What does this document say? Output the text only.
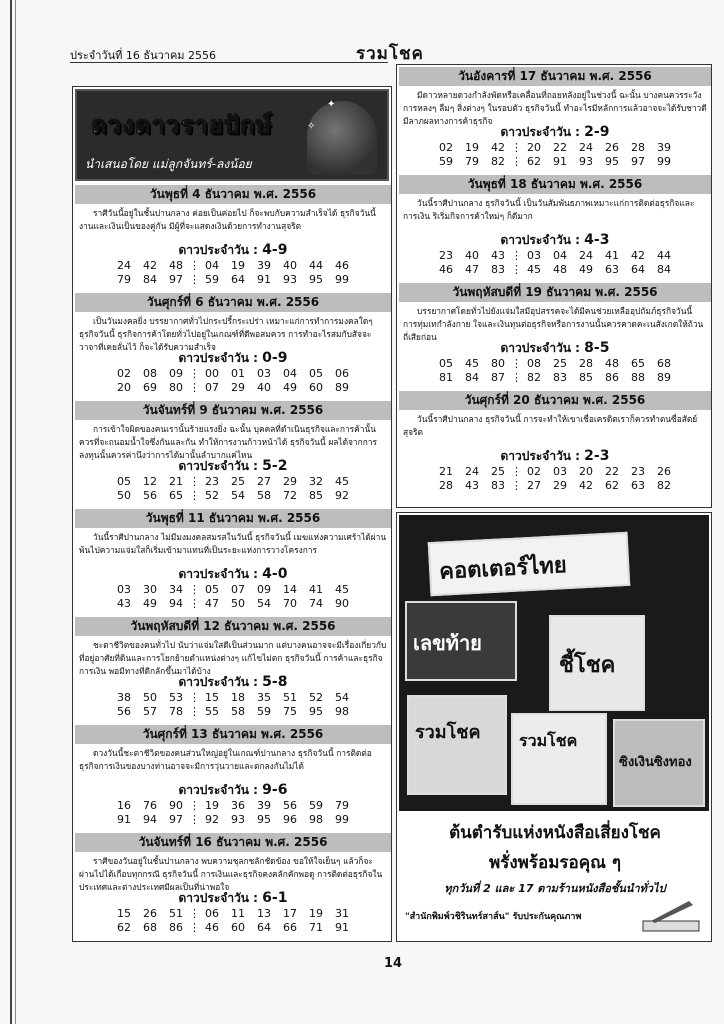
ประจำวันที่ 16 ธันวาคม 2556	รวมโชค
✦
✧
ดวงดาวรายปักษ์
นำเสนอโดย แม่ลูกจันทร์-ลงน้อย
วันพุธที่ 4 ธันวาคม พ.ศ. 2556
ราศีวันนี้อยู่ในชั้นปานกลาง ค่อยเป็นค่อยไป ก็จะพบกับความสำเร็จได้ ธุรกิจวันนี้ งานและเงินเป็นของคู่กัน มีผู้ที่จะแสดงเงินด้วยการทำงานสุจริต
ดาวประจำวัน : 4-9
24	42	48 ⋮ 04	19	39	40	44	46
79	84	97 ⋮ 59	64	91	93	95	99
วันศุกร์ที่ 6 ธันวาคม พ.ศ. 2556
เป็นวันมงคลยิ่ง บรรยากาศทั่วไปกระปรี้กระเปร่า เหมาะแก่การทำการมงคลใดๆ ธุรกิจวันนี้ ธุรกิจการค้าโดยทั่วไปอยู่ในเกณฑ์ที่ดีพอสมควร การทำอะไรสมกับสัจจะวาจาที่เคยลั่นไว้ ก็จะได้รับความสำเร็จ
ดาวประจำวัน : 0-9
02	08	09 ⋮ 00	01	03	04	05	06
20	69	80 ⋮ 07	29	40	49	60	89
วันจันทร์ที่ 9 ธันวาคม พ.ศ. 2556
การเข้าใจผิดของคนเรานั้นร้ายแรงยิ่ง ฉะนั้น บุคคลที่ดำเนินธุรกิจและการค้านั้น ควรที่จะถนอมน้ำใจซึ่งกันและกัน ทำให้การงานก้าวหน้าได้ ธุรกิจวันนี้ ผลได้จากการลงทุนนั้นควรค่านึงว่าการได้มานั้นลำบากแค่ไหน
ดาวประจำวัน : 5-2
05	12	21 ⋮ 23	25	27	29	32	45
50	56	65 ⋮ 52	54	58	72	85	92
วันพุธที่ 11 ธันวาคม พ.ศ. 2556
วันนี้ราศีปานกลาง ไม่มีมงมงคลสมรสในวันนี้ ธุรกิจวันนี้ เมฆแห่งความเศร้าได้ผ่านพ้นไปความแจ่มใสก็เริ่มเข้ามาแทนที่เป็นระยะแห่งการวางโครงการ
ดาวประจำวัน : 4-0
03	30	34 ⋮ 05	07	09	14	41	45
43	49	94 ⋮ 47	50	54	70	74	90
วันพฤหัสบดีที่ 12 ธันวาคม พ.ศ. 2556
ชะตาชีวิตของคนทั่วไป นับว่าแจ่มใสดีเป็นส่วนมาก แต่บางคนอาจจะมีเรื่องเกี่ยวกับที่อยู่อาศัยที่ดินและการโยกย้ายตำแหน่งต่างๆ แก้ไขไม่ตก ธุรกิจวันนี้ การค้าและธุรกิจการเงิน พอมีทางที่ดีกลักขึ้นมาได้บ้าง
ดาวประจำวัน : 5-8
38	50	53 ⋮ 15	18	35	51	52	54
56	57	78 ⋮ 55	58	59	75	95	98
วันศุกร์ที่ 13 ธันวาคม พ.ศ. 2556
ดวงวันนี้ชะตาชีวิตของคนส่วนใหญ่อยู่ในเกณฑ์ปานกลาง ธุรกิจวันนี้ การติดต่อธุรกิจการเงินของบางท่านอาจจะมีการวุ่นวายและตกลงกันไม่ได้
ดาวประจำวัน : 9-6
16	76	90 ⋮ 19	36	39	56	59	79
91	94	97 ⋮ 92	93	95	96	98	99
วันจันทร์ที่ 16 ธันวาคม พ.ศ. 2556
ราศีของวันอยู่ในชั้นปานกลาง พบความชุลกชลักชัดข้อง ขอให้ใจเย็นๆ แล้วก็จะผ่านไปได้เกือบทุกกรณี ธุรกิจวันนี้ การเงินและธุรกิจคงคลักคักพอดู การติดต่อธุรกิจในประเทศและต่างประเทศมีผลเป็นที่น่าพอใจ
ดาวประจำวัน : 6-1
15	26	51 ⋮ 06	11	13	17	19	31
62	68	86 ⋮ 46	60	64	66	71	91
วันอังคารที่ 17 ธันวาคม พ.ศ. 2556
มีดาวหลายดวงกำลังพัดหรือเคลื่อนที่ถอยหลังอยู่ในช่วงนี้ ฉะนั้น บางคนควรระวังการหลงๆ ลืมๆ สิ่งต่างๆ ในรอบตัว ธุรกิจวันนี้ ทำอะไรมีหลักการแล้วอาจจะได้รับชาวดี มีลาภผลทางการค้าธุรกิจ
ดาวประจำวัน : 2-9
02	19	42 ⋮ 20	22	24	26	28	39
59	79	82 ⋮ 62	91	93	95	97	99
วันพุธที่ 18 ธันวาคม พ.ศ. 2556
วันนี้ราศีปานกลาง ธุรกิจวันนี้ เป็นวันสัมพันธภาพเหมาะแก่การติดต่อธุรกิจและการเงิน ริเริ่มกิจการค้าใหม่ๆ ก็ดีมาก
ดาวประจำวัน : 4-3
23	40	43 ⋮ 03	04	24	41	42	44
46	47	83 ⋮ 45	48	49	63	64	84
วันพฤหัสบดีที่ 19 ธันวาคม พ.ศ. 2556
บรรยากาศโดยทั่วไปยังแจ่มใสมีอุปสรรคจะได้มีคนช่วยเหลืออุปถัมภ์ธุรกิจวันนี้ การทุ่มเทกำลังกาย ใจและเงินทุนต่อธุรกิจหรือการงานนั้นควรคาดคะเนสังเกตให้ถ้วนถี่เสียก่อน
ดาวประจำวัน : 8-5
05	45	80 ⋮ 08	25	28	48	65	68
81	84	87 ⋮ 82	83	85	86	88	89
วันศุกร์ที่ 20 ธันวาคม พ.ศ. 2556
วันนี้ราศีปานกลาง ธุรกิจวันนี้ การจะทำให้เขาเชื่อเครดิตเราก็ควรทำตนซื่อสัตย์สุจริต
ดาวประจำวัน : 2-3
21	24	25 ⋮ 02	03	20	22	23	26
28	43	83 ⋮ 27	29	42	62	63	82
คอตเตอร์ไทย
เลขท้าย
ชี้โชค
รวมโชค	รวมโชค
ซิงเงินซิงทอง
ต้นตำรับแห่งหนังสือเสี่ยงโชค
พรั่งพร้อมรอคุณ ๆ
ทุกวันที่ 2 และ 17 ตามร้านหนังสือชั้นนำทั่วไป
"สำนักพิมพ์วชิรินทร์สาส์น" รับประกันคุณภาพ
14
